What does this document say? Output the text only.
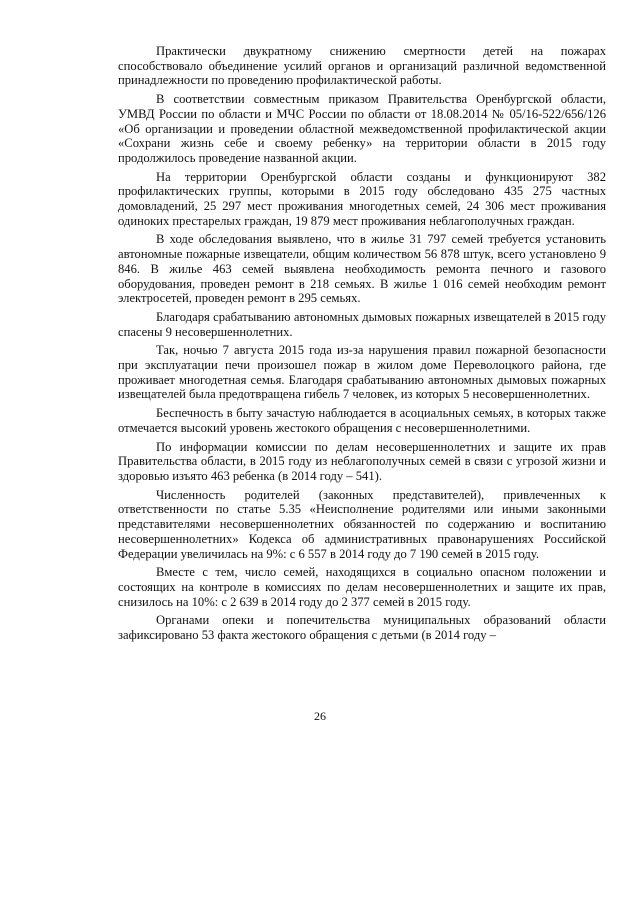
Практически двукратному снижению смертности детей на пожарах способствовало объединение усилий органов и организаций различной ведомственной принадлежности по проведению профилактической работы.

В соответствии совместным приказом Правительства Оренбургской области, УМВД России по области и МЧС России по области от 18.08.2014 № 05/16-522/656/126 «Об организации и проведении областной межведомственной профилактической акции «Сохрани жизнь себе и своему ребенку» на территории области в 2015 году продолжилось проведение названной акции.

На территории Оренбургской области созданы и функционируют 382 профилактических группы, которыми в 2015 году обследовано 435 275 частных домовладений, 25 297 мест проживания многодетных семей, 24 306 мест проживания одиноких престарелых граждан, 19 879 мест проживания неблагополучных граждан.

В ходе обследования выявлено, что в жилье 31 797 семей требуется установить автономные пожарные извещатели, общим количеством 56 878 штук, всего установлено 9 846. В жилье 463 семей выявлена необходимость ремонта печного и газового оборудования, проведен ремонт в 218 семьях. В жилье 1 016 семей необходим ремонт электросетей, проведен ремонт в 295 семьях.

Благодаря срабатыванию автономных дымовых пожарных извещателей в 2015 году спасены 9 несовершеннолетних.

Так, ночью 7 августа 2015 года из-за нарушения правил пожарной безопасности при эксплуатации печи произошел пожар в жилом доме Переволоцкого района, где проживает многодетная семья. Благодаря срабатыванию автономных дымовых пожарных извещателей была предотвращена гибель 7 человек, из которых 5 несовершеннолетних.

Беспечность в быту зачастую наблюдается в асоциальных семьях, в которых также отмечается высокий уровень жестокого обращения с несовершеннолетними.

По информации комиссии по делам несовершеннолетних и защите их прав Правительства области, в 2015 году из неблагополучных семей в связи с угрозой жизни и здоровью изъято 463 ребенка (в 2014 году – 541).

Численность родителей (законных представителей), привлеченных к ответственности по статье 5.35 «Неисполнение родителями или иными законными представителями несовершеннолетних обязанностей по содержанию и воспитанию несовершеннолетних» Кодекса об административных правонарушениях Российской Федерации увеличилась на 9%: с 6 557 в 2014 году до 7 190 семей в 2015 году.

Вместе с тем, число семей, находящихся в социально опасном положении и состоящих на контроле в комиссиях по делам несовершеннолетних и защите их прав, снизилось на 10%: с 2 639 в 2014 году до 2 377 семей в 2015 году.

Органами опеки и попечительства муниципальных образований области зафиксировано 53 факта жестокого обращения с детьми (в 2014 году –

26
